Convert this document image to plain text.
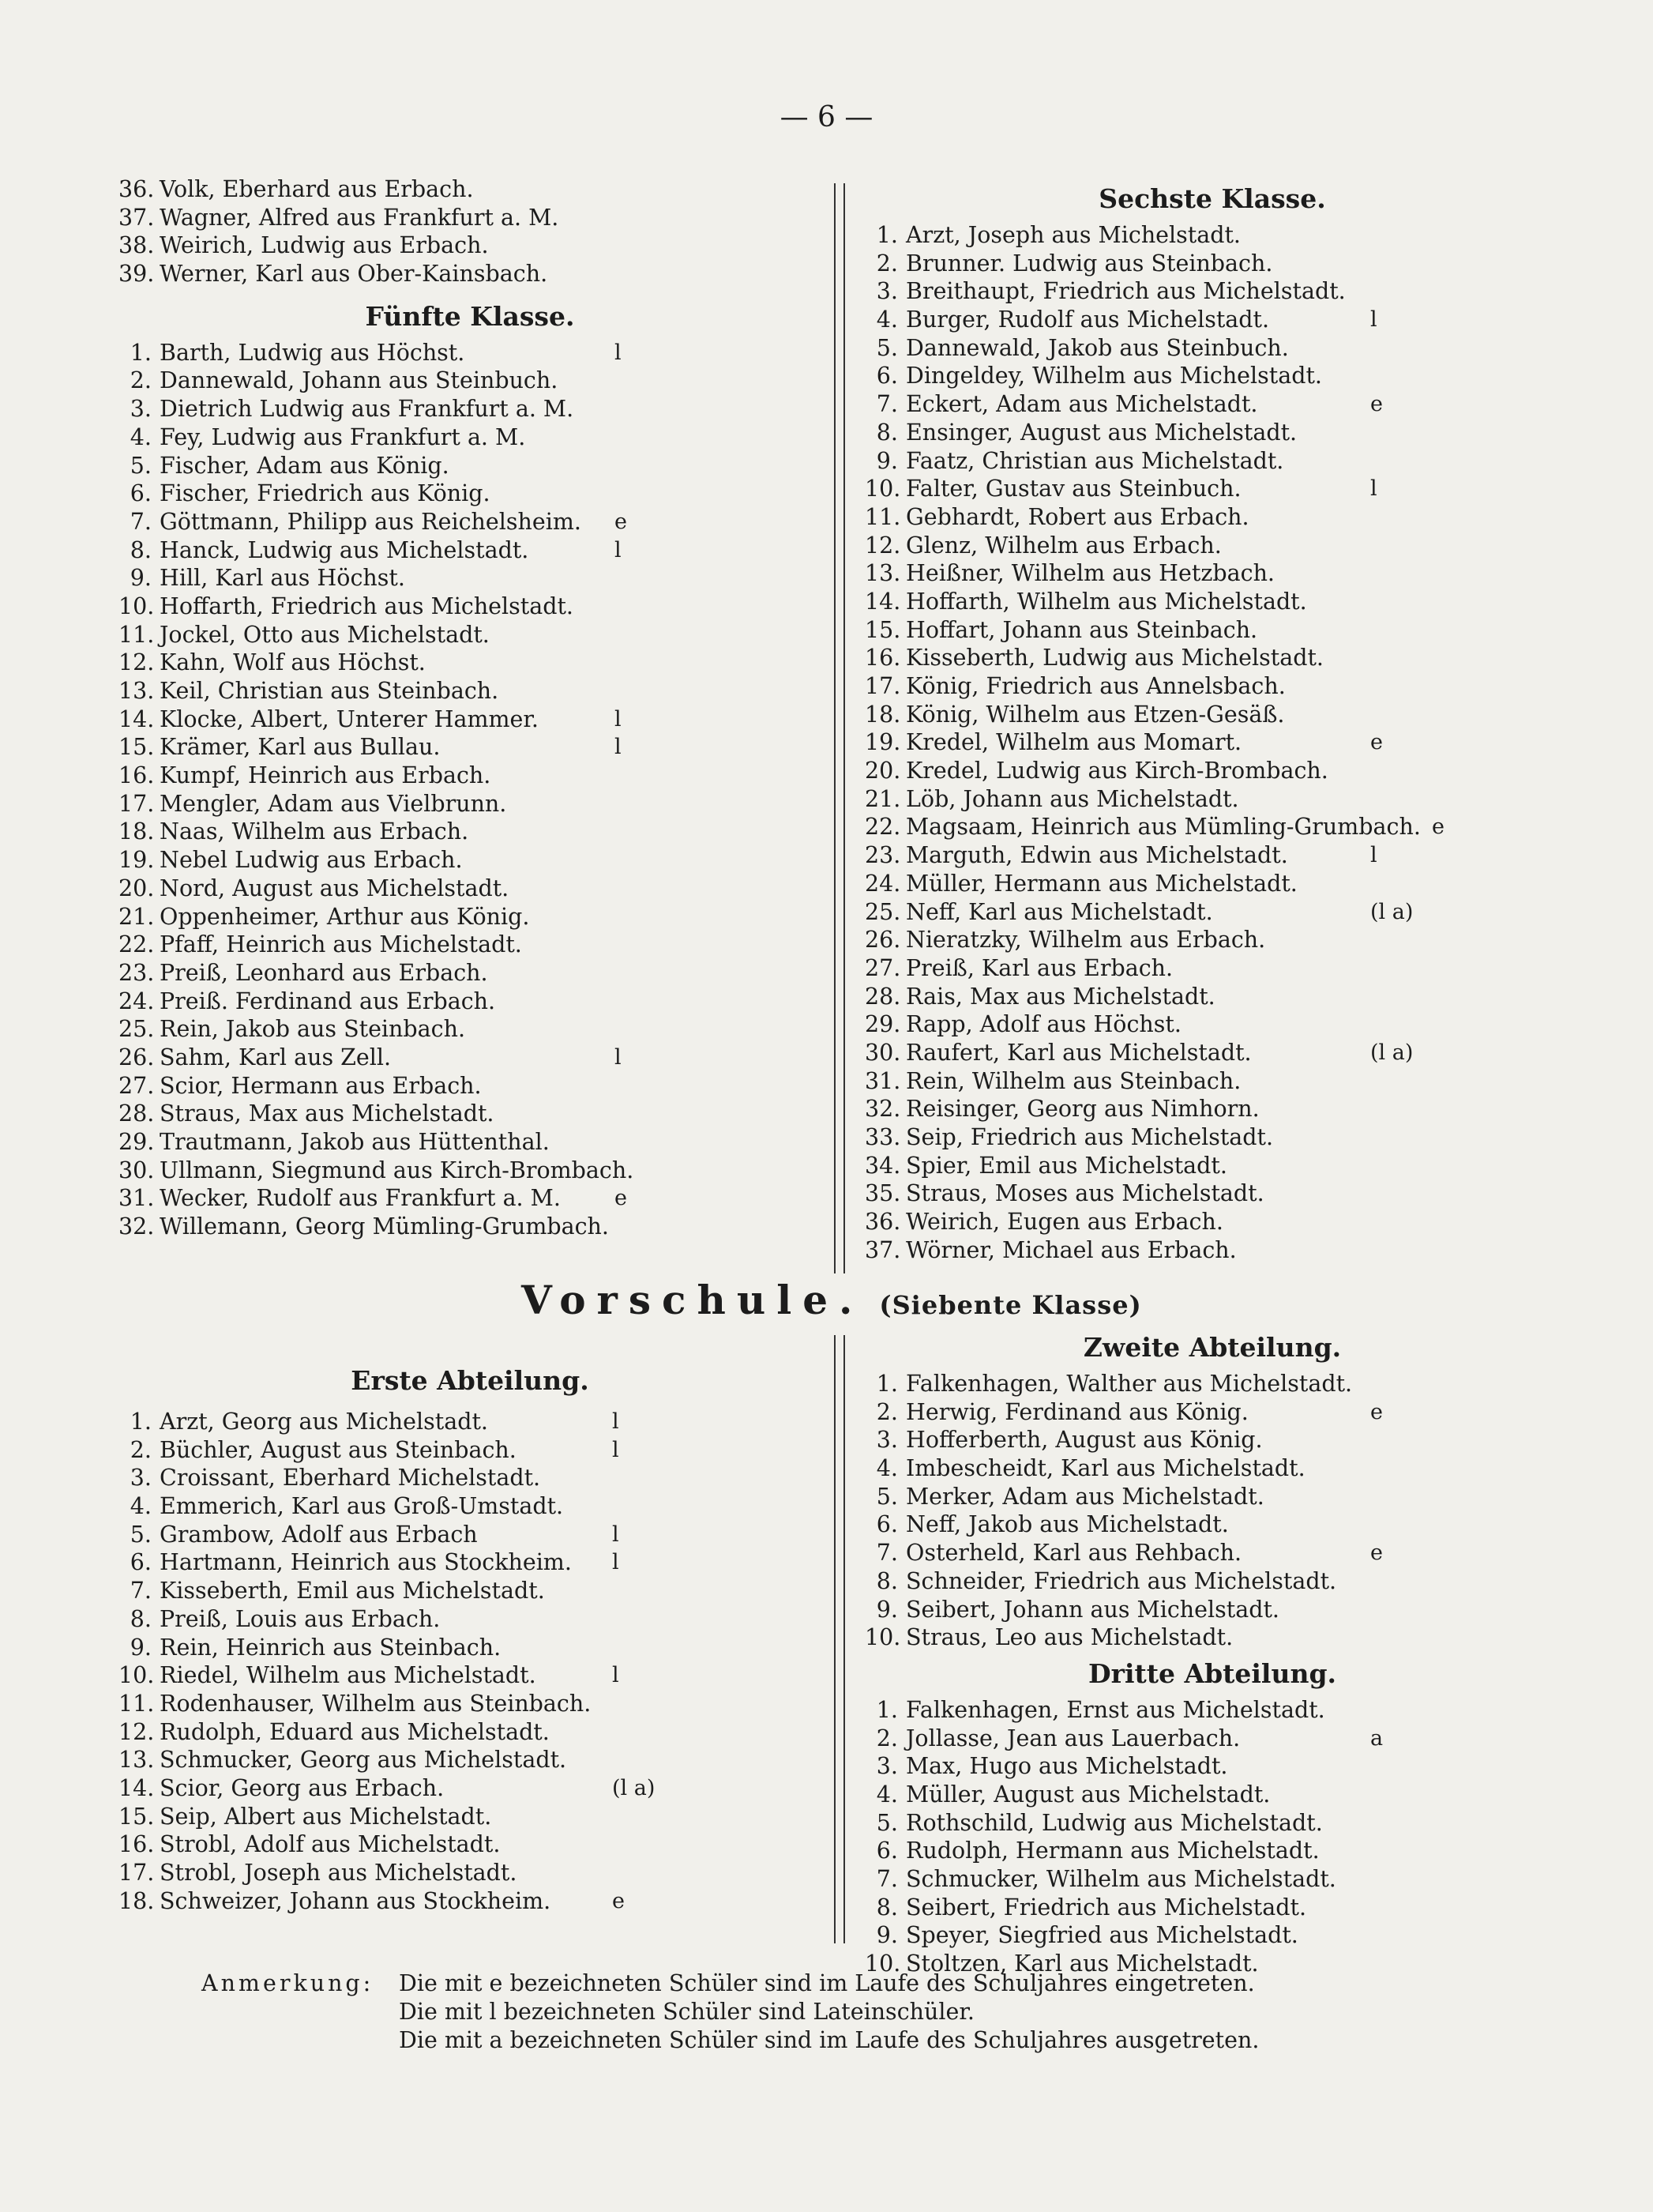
— 6 —
36. Volk, Eberhard aus Erbach.
37. Wagner, Alfred aus Frankfurt a. M.
38. Weirich, Ludwig aus Erbach.
39. Werner, Karl aus Ober-Kainsbach.
Fünfte Klasse.
1. Barth, Ludwig aus Höchst.	l
2. Dannewald, Johann aus Steinbuch.
3. Dietrich Ludwig aus Frankfurt a. M.
4. Fey, Ludwig aus Frankfurt a. M.
5. Fischer, Adam aus König.
6. Fischer, Friedrich aus König.
7. Göttmann, Philipp aus Reichelsheim. e
8. Hanck, Ludwig aus Michelstadt.	l
9. Hill, Karl aus Höchst.
10. Hoffarth, Friedrich aus Michelstadt.
11. Jockel, Otto aus Michelstadt.
12. Kahn, Wolf aus Höchst.
13. Keil, Christian aus Steinbach.
14. Klocke, Albert, Unterer Hammer.	l
15. Krämer, Karl aus Bullau.	l
16. Kumpf, Heinrich aus Erbach.
17. Mengler, Adam aus Vielbrunn.
18. Naas, Wilhelm aus Erbach.
19. Nebel Ludwig aus Erbach.
20. Nord, August aus Michelstadt.
21. Oppenheimer, Arthur aus König.
22. Pfaff, Heinrich aus Michelstadt.
23. Preiß, Leonhard aus Erbach.
24. Preiß. Ferdinand aus Erbach.
25. Rein, Jakob aus Steinbach.
26. Sahm, Karl aus Zell.	l
27. Scior, Hermann aus Erbach.
28. Straus, Max aus Michelstadt.
29. Trautmann, Jakob aus Hüttenthal.
30. Ullmann, Siegmund aus Kirch-Brombach.
31. Wecker, Rudolf aus Frankfurt a. M.	e
32. Willemann, Georg Mümling-Grumbach.
Sechste Klasse.
1. Arzt, Joseph aus Michelstadt.
2. Brunner. Ludwig aus Steinbach.
3. Breithaupt, Friedrich aus Michelstadt.
4. Burger, Rudolf aus Michelstadt.	l
5. Dannewald, Jakob aus Steinbuch.
6. Dingeldey, Wilhelm aus Michelstadt.
7. Eckert, Adam aus Michelstadt.	e
8. Ensinger, August aus Michelstadt.
9. Faatz, Christian aus Michelstadt.
10. Falter, Gustav aus Steinbuch.	l
11. Gebhardt, Robert aus Erbach.
12. Glenz, Wilhelm aus Erbach.
13. Heißner, Wilhelm aus Hetzbach.
14. Hoffarth, Wilhelm aus Michelstadt.
15. Hoffart, Johann aus Steinbach.
16. Kisseberth, Ludwig aus Michelstadt.
17. König, Friedrich aus Annelsbach.
18. König, Wilhelm aus Etzen-Gesäß.
19. Kredel, Wilhelm aus Momart.	e
20. Kredel, Ludwig aus Kirch-Brombach.
21. Löb, Johann aus Michelstadt.
22. Magsaam, Heinrich aus Mümling-Grumbach. e
23. Marguth, Edwin aus Michelstadt.	l
24. Müller, Hermann aus Michelstadt.
25. Neff, Karl aus Michelstadt.	(l a)
26. Nieratzky, Wilhelm aus Erbach.
27. Preiß, Karl aus Erbach.
28. Rais, Max aus Michelstadt.
29. Rapp, Adolf aus Höchst.
30. Raufert, Karl aus Michelstadt.	(l a)
31. Rein, Wilhelm aus Steinbach.
32. Reisinger, Georg aus Nimhorn.
33. Seip, Friedrich aus Michelstadt.
34. Spier, Emil aus Michelstadt.
35. Straus, Moses aus Michelstadt.
36. Weirich, Eugen aus Erbach.
37. Wörner, Michael aus Erbach.
Vorschule. (Siebente Klasse)
Erste Abteilung.
1. Arzt, Georg aus Michelstadt.	l
2. Büchler, August aus Steinbach.	l
3. Croissant, Eberhard Michelstadt.
4. Emmerich, Karl aus Groß-Umstadt.
5. Grambow, Adolf aus Erbach	l
6. Hartmann, Heinrich aus Stockheim. l
7. Kisseberth, Emil aus Michelstadt.
8. Preiß, Louis aus Erbach.
9. Rein, Heinrich aus Steinbach.
10. Riedel, Wilhelm aus Michelstadt.	l
11. Rodenhauser, Wilhelm aus Steinbach.
12. Rudolph, Eduard aus Michelstadt.
13. Schmucker, Georg aus Michelstadt.
14. Scior, Georg aus Erbach.	(l a)
15. Seip, Albert aus Michelstadt.
16. Strobl, Adolf aus Michelstadt.
17. Strobl, Joseph aus Michelstadt.
18. Schweizer, Johann aus Stockheim.	e
Zweite Abteilung.
1. Falkenhagen, Walther aus Michelstadt.
2. Herwig, Ferdinand aus König.	e
3. Hofferberth, August aus König.
4. Imbescheidt, Karl aus Michelstadt.
5. Merker, Adam aus Michelstadt.
6. Neff, Jakob aus Michelstadt.
7. Osterheld, Karl aus Rehbach.	e
8. Schneider, Friedrich aus Michelstadt.
9. Seibert, Johann aus Michelstadt.
10. Straus, Leo aus Michelstadt.
Dritte Abteilung.
1. Falkenhagen, Ernst aus Michelstadt.
2. Jollasse, Jean aus Lauerbach.	a
3. Max, Hugo aus Michelstadt.
4. Müller, August aus Michelstadt.
5. Rothschild, Ludwig aus Michelstadt.
6. Rudolph, Hermann aus Michelstadt.
7. Schmucker, Wilhelm aus Michelstadt.
8. Seibert, Friedrich aus Michelstadt.
9. Speyer, Siegfried aus Michelstadt.
10. Stoltzen, Karl aus Michelstadt.
Anmerkung: Die mit e bezeichneten Schüler sind im Laufe des Schuljahres eingetreten.
Die mit l bezeichneten Schüler sind Lateinschüler.
Die mit a bezeichneten Schüler sind im Laufe des Schuljahres ausgetreten.
